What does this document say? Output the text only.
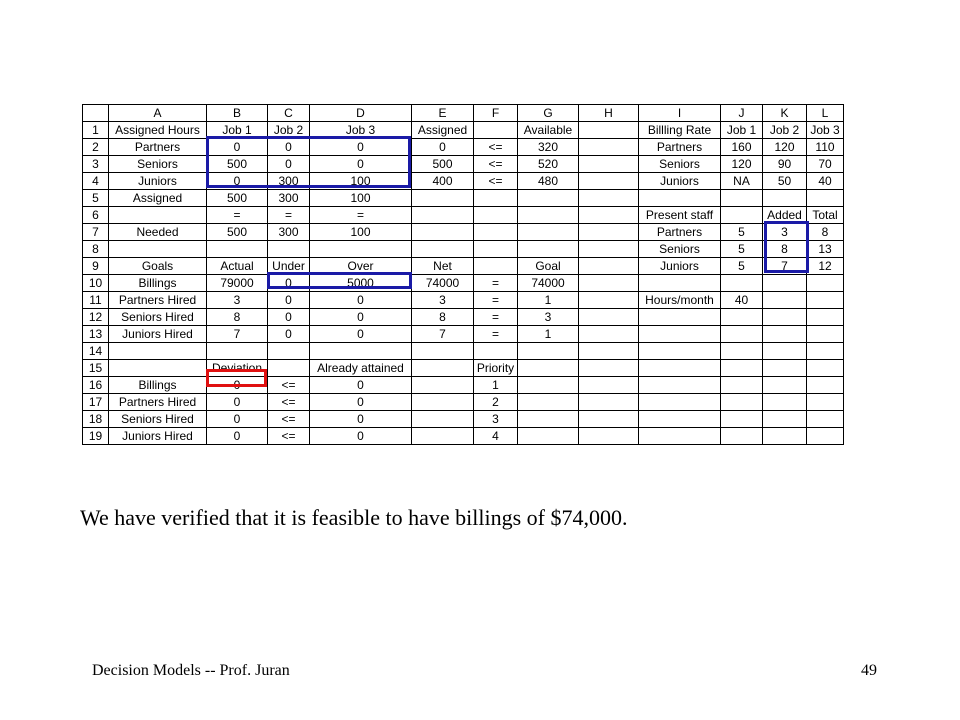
	A	B	C	D	E	F	G	H	I	J	K	L
1	Assigned Hours	Job 1	Job 2	Job 3	Assigned		Available		Billling Rate	Job 1	Job 2	Job 3
2	Partners	0	0	0	0	<=	320		Partners	160	120	110
3	Seniors	500	0	0	500	<=	520		Seniors	120	90	70
4	Juniors	0	300	100	400	<=	480		Juniors	NA	50	40
5	Assigned	500	300	100								
6		=	=	=					Present staff		Added	Total
7	Needed	500	300	100					Partners	5	3	8
8									Seniors	5	8	13
9	Goals	Actual	Under	Over	Net		Goal		Juniors	5	7	12
10	Billings	79000	0	5000	74000	=	74000					
11	Partners Hired	3	0	0	3	=	1		Hours/month	40		
12	Seniors Hired	8	0	0	8	=	3					
13	Juniors Hired	7	0	0	7	=	1					
14												
15		Deviation		Already attained		Priority						
16	Billings	0	<=	0		1						
17	Partners Hired	0	<=	0		2						
18	Seniors Hired	0	<=	0		3						
19	Juniors Hired	0	<=	0		4						
We have verified that it is feasible to have billings of $74,000.
Decision Models -- Prof. Juran	49
